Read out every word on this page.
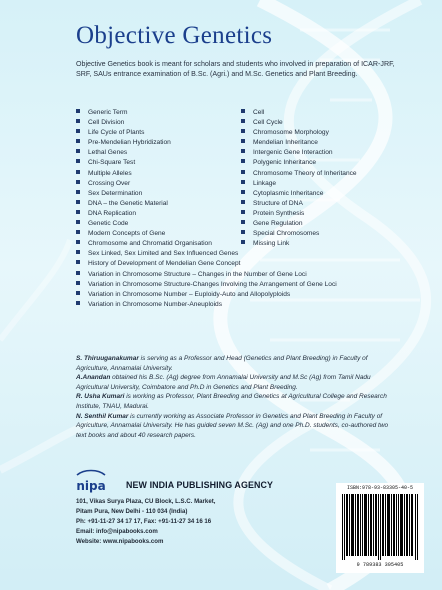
Objective Genetics
Objective Genetics book is meant for scholars and students who involved in preparation of ICAR-JRF, SRF, SAUs entrance examination of B.Sc. (Agri.) and M.Sc. Genetics and Plant Breeding.
Generic Term	Cell
Cell Division	Cell Cycle
Life Cycle of Plants	Chromosome Morphology
Pre-Mendelian Hybridization	Mendelian Inheritance
Lethal Genes	Intergenic Gene Interaction
Chi-Square Test	Polygenic Inheritance
Multiple Alleles	Chromosome Theory of Inheritance
Crossing Over	Linkage
Sex Determination	Cytoplasmic Inheritance
DNA – the Genetic Material	Structure of DNA
DNA Replication	Protein Synthesis
Genetic Code	Gene Regulation
Modern Concepts of Gene	Special Chromosomes
Chromosome and Chromatid Organisation	Missing Link
Sex Linked, Sex Limited and Sex Influenced Genes
History of Development of Mendelian Gene Concept
Variation in Chromosome Structure – Changes in the Number of Gene Loci
Variation in Chromosome Structure-Changes Involving the Arrangement of Gene Loci
Variation in Chromosome Number – Euploidy-Auto and Allopolyploids
Variation in Chromosome Number-Aneuploids

S. Thiruuganakumar is serving as a Professor and Head (Genetics and Plant Breeding) in Faculty of Agriculture, Annamalai University.

A.Anandan obtained his B.Sc. (Ag) degree from Annamalai University and M.Sc (Ag) from Tamil Nadu Agricultural University, Coimbatore and Ph.D in Genetics and Plant Breeding.

R. Usha Kumari is working as Professor, Plant Breeding and Genetics at Agricultural College and Research Institute, TNAU, Madurai.

N. Senthil Kumar is currently working as Associate Professor in Genetics and Plant Breeding in Faculty of Agriculture, Annamalai University. He has guided seven M.Sc. (Ag) and one Ph.D. students, co-authored two text books and about 40 research papers.

nipa	NEW INDIA PUBLISHING AGENCY
101, Vikas Surya Plaza, CU Block, L.S.C. Market,
Pitam Pura, New Delhi - 110 034 (India)
Ph: +91-11-27 34 17 17, Fax: +91-11-27 34 16 16
Email: info@nipabooks.com
Website: www.nipabooks.com
ISBN:978-93-83305-40-5
9 789383 305405
